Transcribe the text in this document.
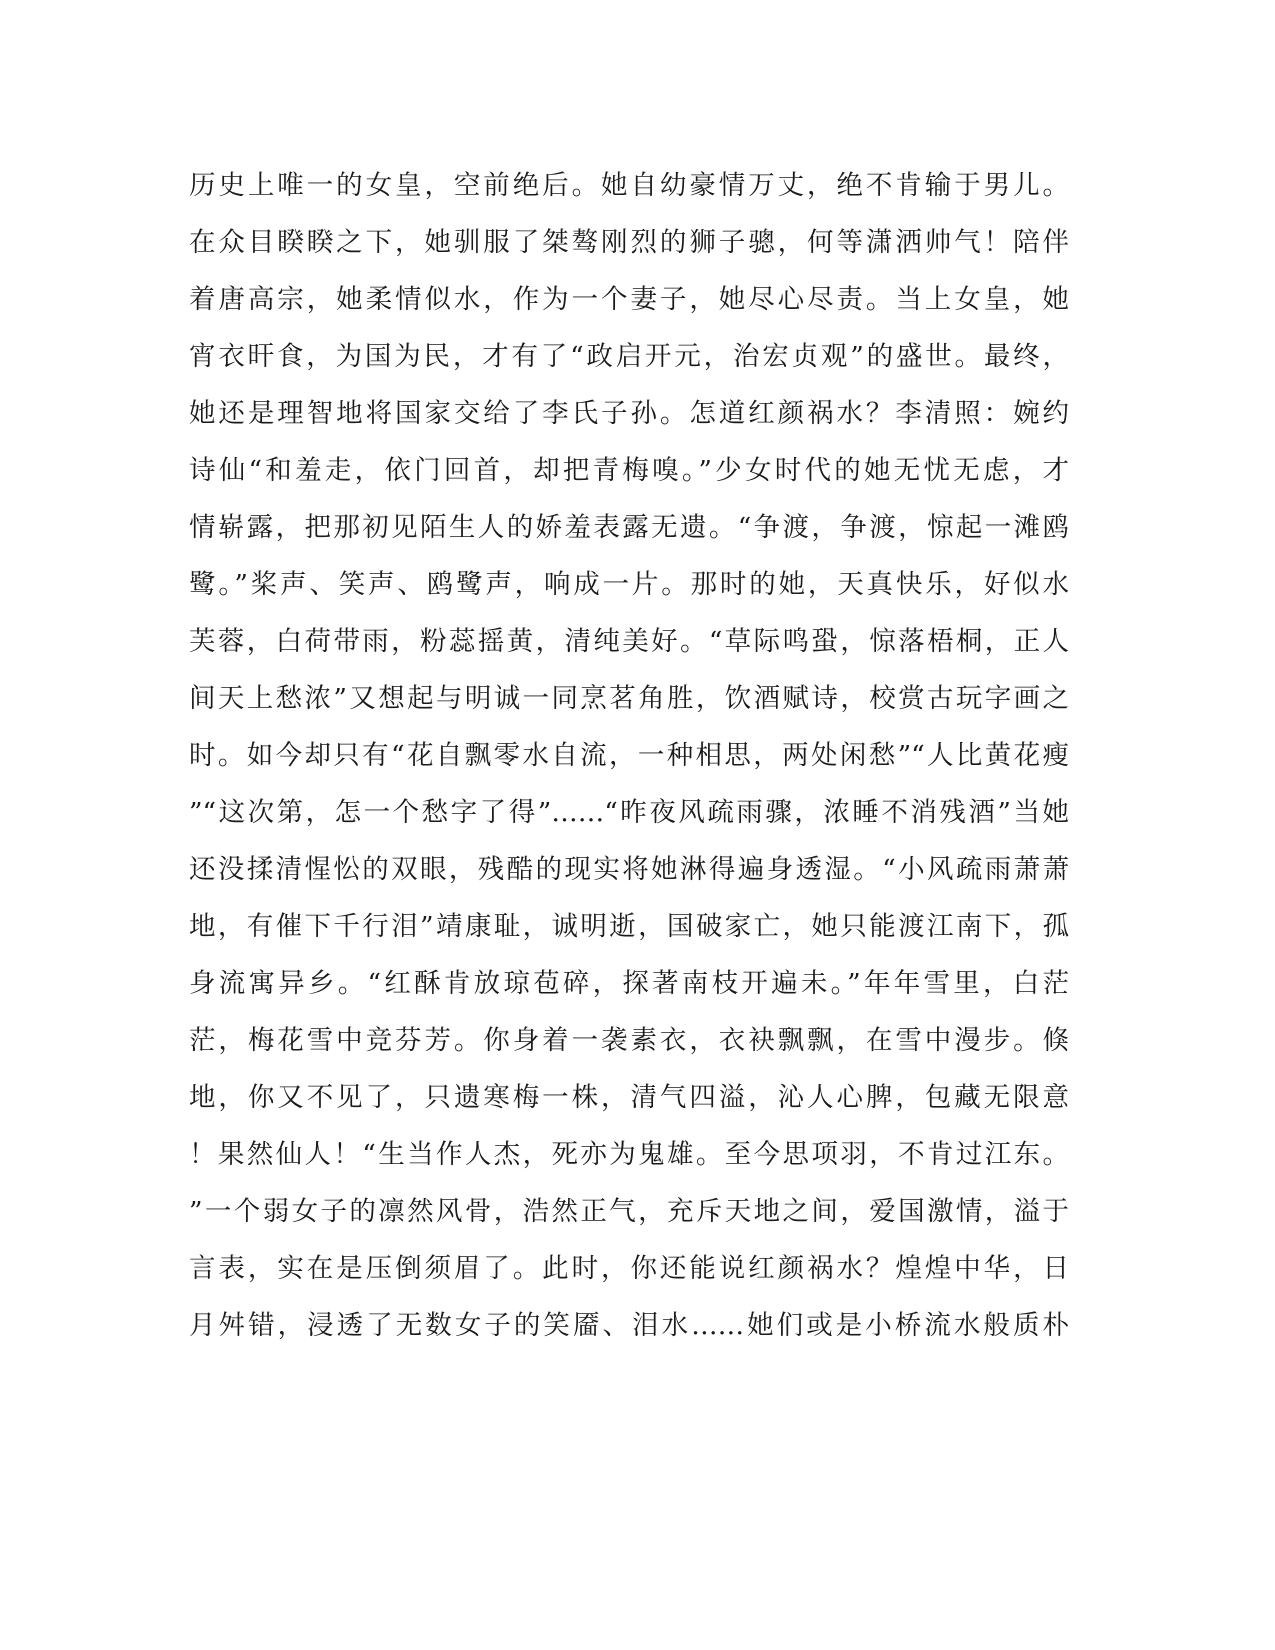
历史上唯一的女皇，空前绝后。她自幼豪情万丈，绝不肯输于男儿。
在众目睽睽之下，她驯服了桀骜刚烈的狮子骢，何等潇洒帅气！陪伴
着唐高宗，她柔情似水，作为一个妻子，她尽心尽责。当上女皇，她
宵衣旰食，为国为民，才有了“政启开元，治宏贞观”的盛世。最终，
她还是理智地将国家交给了李氏子孙。怎道红颜祸水？李清照：婉约
诗仙“和羞走，依门回首，却把青梅嗅。”少女时代的她无忧无虑，才
情崭露，把那初见陌生人的娇羞表露无遗。“争渡，争渡，惊起一滩鸥
鹭。”桨声、笑声、鸥鹭声，响成一片。那时的她，天真快乐，好似水
芙蓉，白荷带雨，粉蕊摇黄，清纯美好。“草际鸣蛩，惊落梧桐，正人
间天上愁浓”又想起与明诚一同烹茗角胜，饮酒赋诗，校赏古玩字画之
时。如今却只有“花自飘零水自流，一种相思，两处闲愁”“人比黄花瘦
”“这次第，怎一个愁字了得”……“昨夜风疏雨骤，浓睡不消残酒”当她
还没揉清惺忪的双眼，残酷的现实将她淋得遍身透湿。“小风疏雨萧萧
地，有催下千行泪”靖康耻，诚明逝，国破家亡，她只能渡江南下，孤
身流寓异乡。“红酥肯放琼苞碎，探著南枝开遍未。”年年雪里，白茫
茫，梅花雪中竞芬芳。你身着一袭素衣，衣袂飘飘，在雪中漫步。倏
地，你又不见了，只遗寒梅一株，清气四溢，沁人心脾，包藏无限意
！果然仙人！“生当作人杰，死亦为鬼雄。至今思项羽，不肯过江东。
”一个弱女子的凛然风骨，浩然正气，充斥天地之间，爱国激情，溢于
言表，实在是压倒须眉了。此时，你还能说红颜祸水？煌煌中华，日
月舛错，浸透了无数女子的笑靥、泪水……她们或是小桥流水般质朴
